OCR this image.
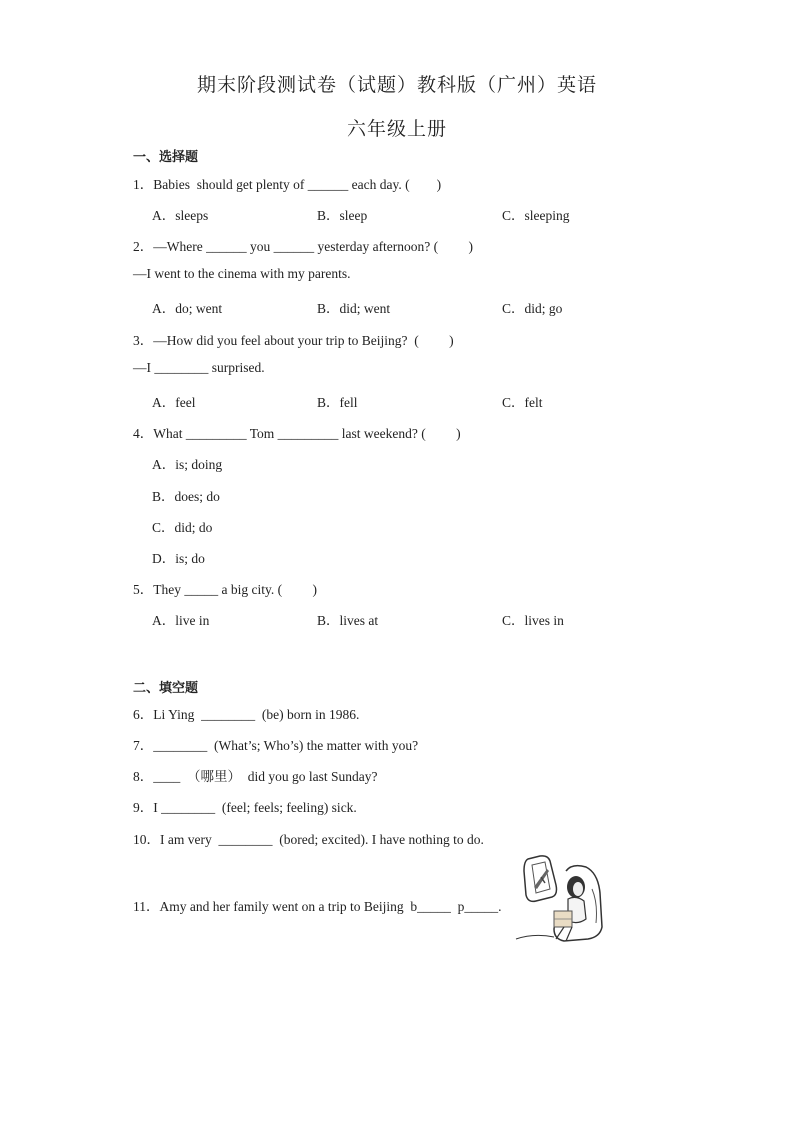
期末阶段测试卷（试题）教科版（广州）英语
六年级上册
一、选择题
1．Babies  should get plenty of ______ each day. (        )
A．sleeps	B．sleep	C．sleeping
2．—Where ______ you ______ yesterday afternoon? (         )
—I went to the cinema with my parents.
A．do; went	B．did; went	C．did; go
3．—How did you feel about your trip to Beijing?  (         )
—I ________ surprised.
A．feel	B．fell	C．felt
4．What _________ Tom _________ last weekend? (         )
A．is; doing
B．does; do
C．did; do
D．is; do
5．They _____ a big city. (         )
A．live in	B．lives at	C．lives in
二、填空题
6．Li Ying  ________  (be) born in 1986.
7．________  (What’s; Who’s) the matter with you?
8．____  （哪里）  did you go last Sunday?
9．I ________  (feel; feels; feeling) sick.
10．I am very  ________  (bored; excited). I have nothing to do.
11．Amy and her family went on a trip to Beijing  b_____  p_____.
